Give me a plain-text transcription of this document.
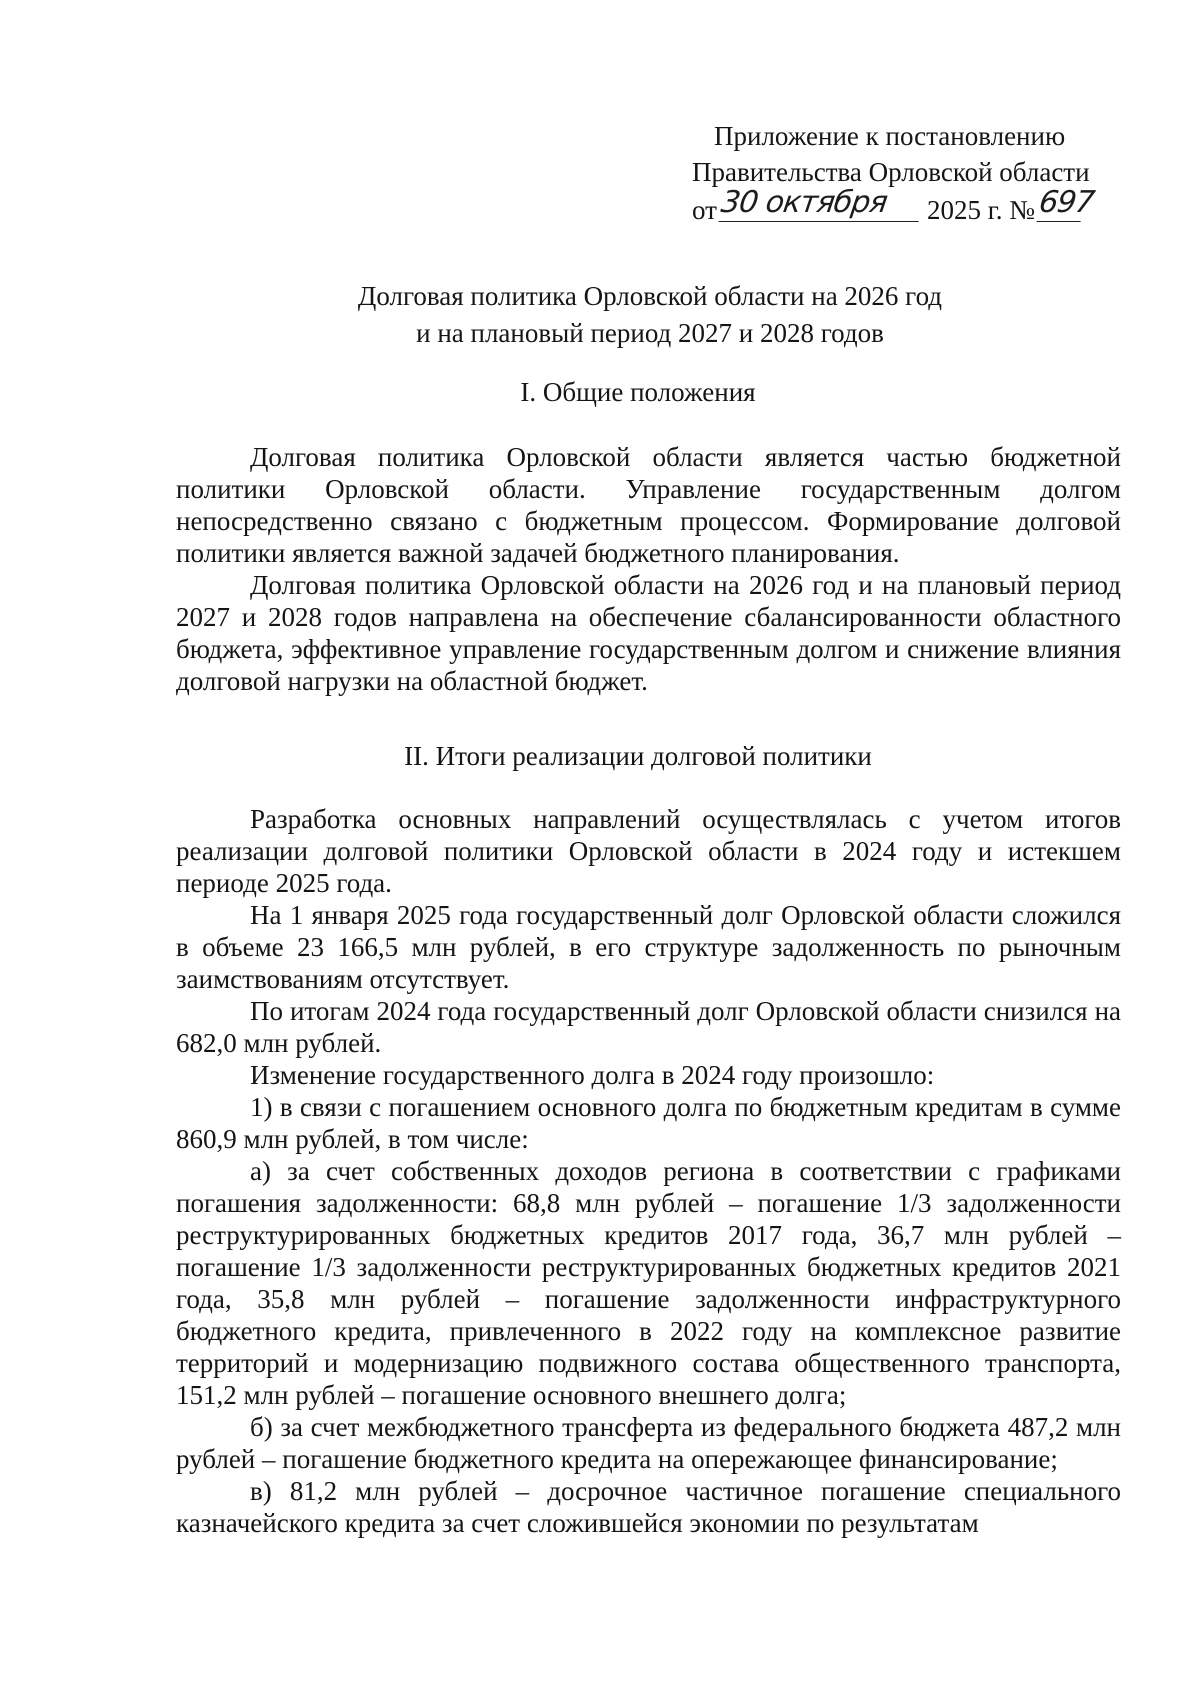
Приложение к постановлению
Правительства Орловской области
от 30 октября	2025 г. № 697
Долговая политика Орловской области на 2026 год
и на плановый период 2027 и 2028 годов
I. Общие положения

Долговая политика Орловской области является частью бюджетной политики Орловской области. Управление государственным долгом непосредственно связано с бюджетным процессом. Формирование долговой политики является важной задачей бюджетного планирования.

Долговая политика Орловской области на 2026 год и на плановый период 2027 и 2028 годов направлена на обеспечение сбалансированности областного бюджета, эффективное управление государственным долгом и снижение влияния долговой нагрузки на областной бюджет.

II. Итоги реализации долговой политики

Разработка основных направлений осуществлялась с учетом итогов реализации долговой политики Орловской области в 2024 году и истекшем периоде 2025 года.

На 1 января 2025 года государственный долг Орловской области сложился в объеме 23 166,5 млн рублей, в его структуре задолженность по рыночным заимствованиям отсутствует.

По итогам 2024 года государственный долг Орловской области снизился на 682,0 млн рублей.

Изменение государственного долга в 2024 году произошло:

1) в связи с погашением основного долга по бюджетным кредитам в сумме 860,9 млн рублей, в том числе:

а) за счет собственных доходов региона в соответствии с графиками погашения задолженности: 68,8 млн рублей – погашение 1/3 задолженности реструктурированных бюджетных кредитов 2017 года, 36,7 млн рублей – погашение 1/3 задолженности реструктурированных бюджетных кредитов 2021 года, 35,8 млн рублей – погашение задолженности инфраструктурного бюджетного кредита, привлеченного в 2022 году на комплексное развитие территорий и модернизацию подвижного состава общественного транспорта, 151,2 млн рублей – погашение основного внешнего долга;

б) за счет межбюджетного трансферта из федерального бюджета 487,2 млн рублей – погашение бюджетного кредита на опережающее финансирование;

в) 81,2 млн рублей – досрочное частичное погашение специального казначейского кредита за счет сложившейся экономии по результатам
